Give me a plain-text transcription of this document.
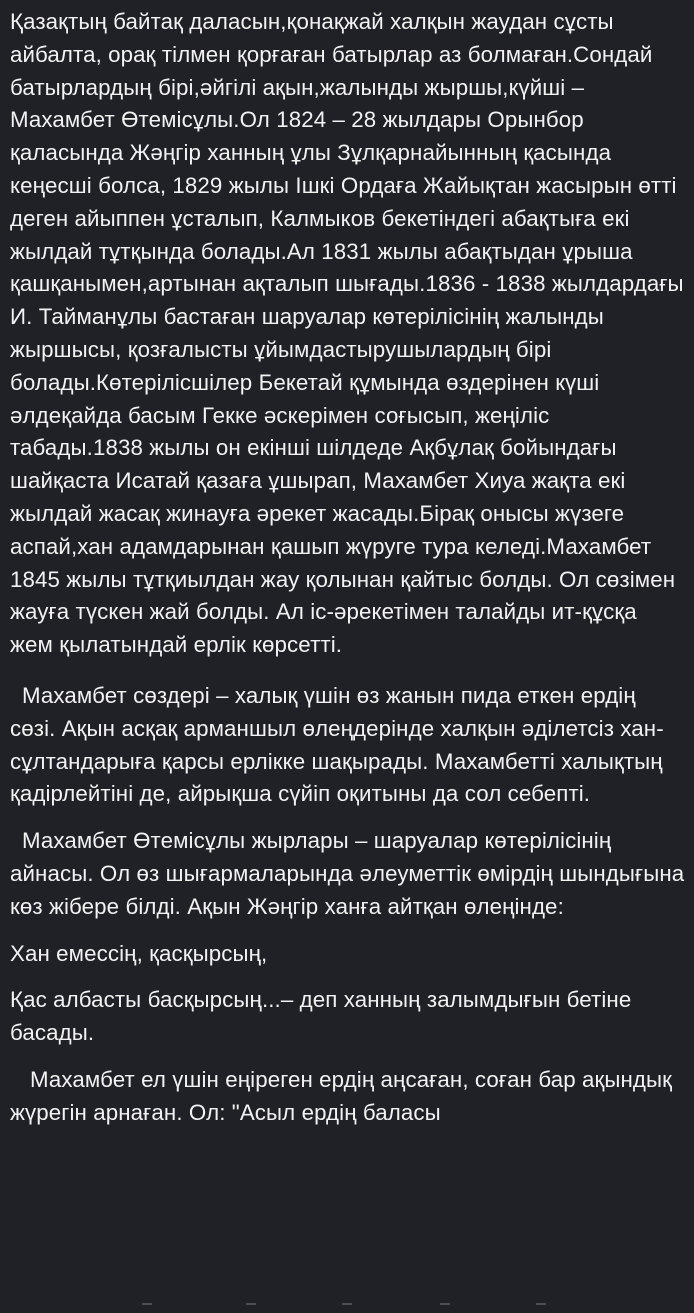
Қазақтың байтақ даласын,қонақжай халқын жаудан сұсты айбалта, орақ тілмен қорғаған батырлар аз болмаған.Сондай батырлардың бірі,әйгілі ақын,жалынды жыршы,күйші – Махамбет Өтемісұлы.Ол 1824 – 28 жылдары Орынбор қаласында Жәңгір ханның ұлы Зұлқарнайынның қасында кеңесші болса, 1829 жылы Ішкі Ордаға Жайықтан жасырын өтті деген айыппен ұсталып, Калмыков бекетіндегі абақтыға екі жылдай тұтқында болады.Ал 1831 жылы абақтыдан ұрыша қашқанымен,артынан ақталып шығады.1836 - 1838 жылдардағы И. Тайманұлы бастаған шаруалар көтерілісінің жалынды жыршысы, қозғалысты ұйымдастырушылардың бірі болады.Көтерілісшілер Бекетай құмында өздерінен күші әлдеқайда басым Гекке әскерімен соғысып, жеңіліс табады.1838 жылы он екінші шілдеде Ақбұлақ бойындағы шайқаста Исатай қазаға ұшырап, Махамбет Хиуа жақта екі жылдай жасақ жинауға әрекет жасады.Бірақ онысы жүзеге аспай,хан адамдарынан қашып жүруге тура келеді.Махамбет 1845 жылы тұтқиылдан жау қолынан қайтыс болды. Ол сөзімен жауға түскен жай болды. Ал іс-әрекетімен талайды ит-құсқа жем қылатындай ерлік көрсетті.

Махамбет сөздері – халық үшін өз жанын пида еткен ердің сөзі. Ақын асқақ арманшыл өлеңдерінде халқын әділетсіз хан-сұлтандарыға қарсы ерлікке шақырады. Махамбетті халықтың қадірлейтіні де, айрықша сүйіп оқитыны да сол себепті.

Махамбет Өтемісұлы жырлары – шаруалар көтерілісінің айнасы. Ол өз шығармаларында әлеуметтік өмірдің шындығына көз жібере білді. Ақын Жәңгір ханға айтқан өлеңінде:

Хан емессің, қасқырсың,

Қас албасты басқырсың...– деп ханның залымдығын бетіне басады.

Махамбет ел үшін еңіреген ердің аңсаған, соған бар ақындық жүрегін арнаған. Ол: "Асыл ердің баласы
